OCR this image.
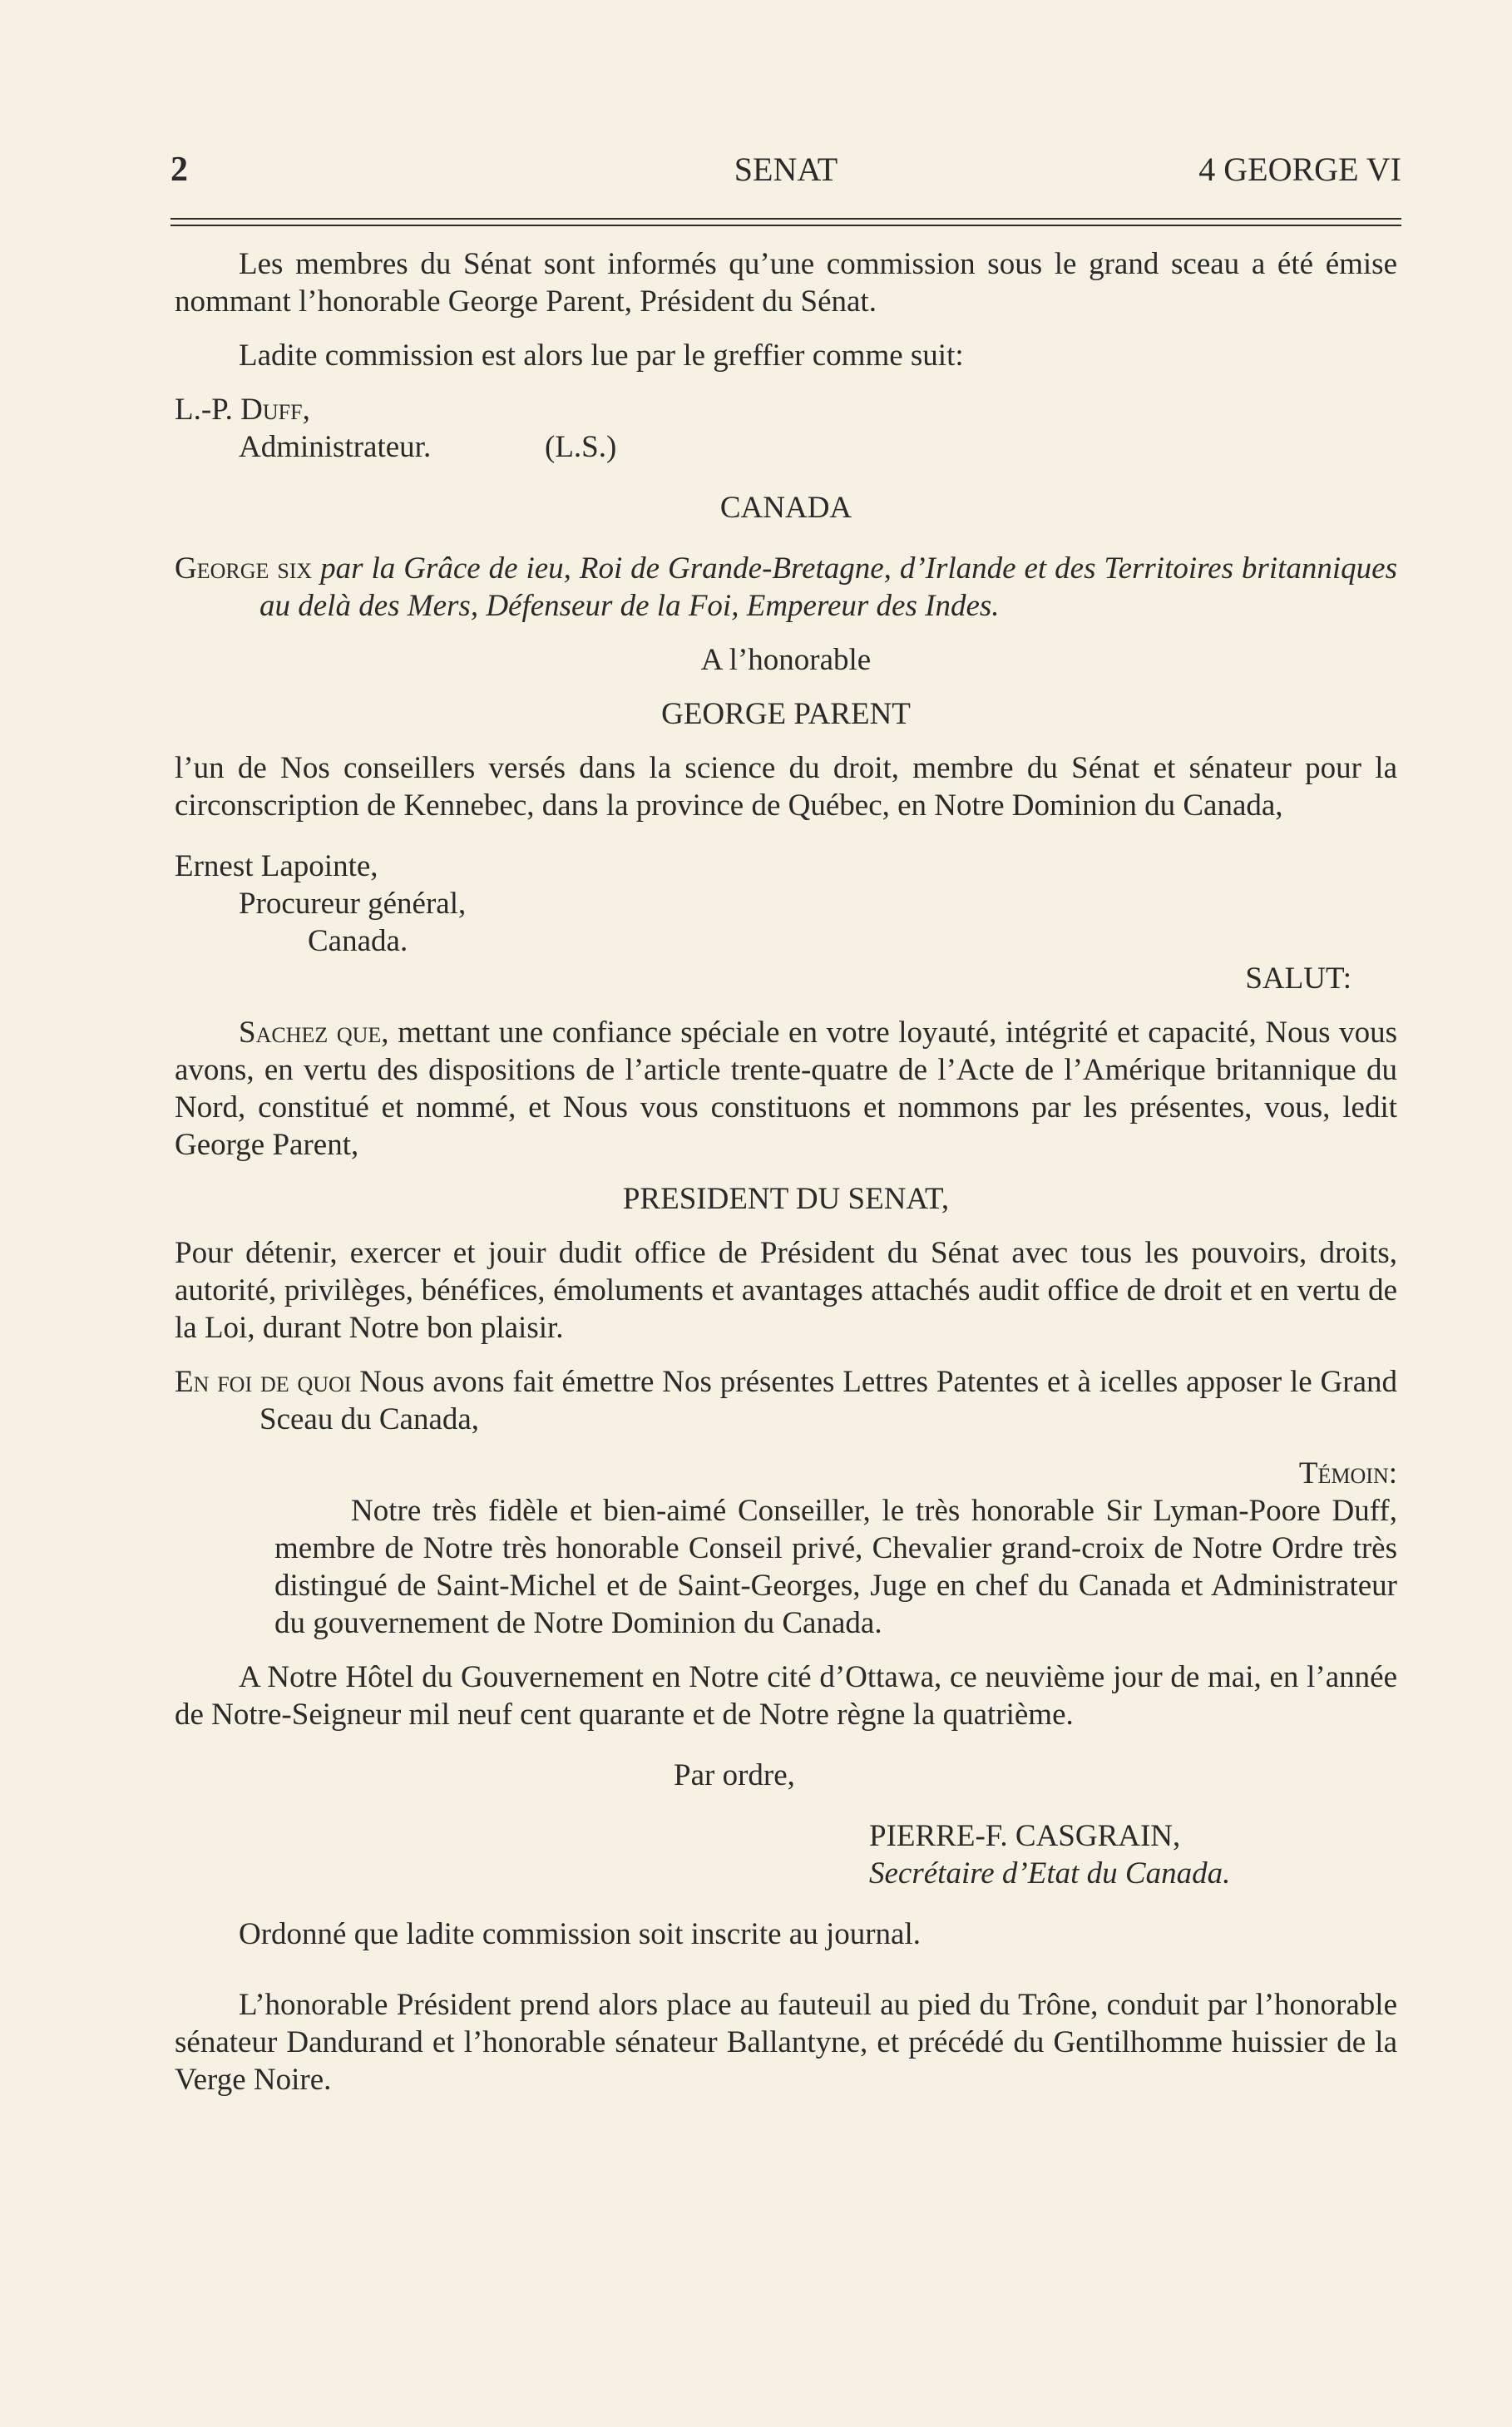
2	SENAT	4 GEORGE VI

Les membres du Sénat sont informés qu’une commission sous le grand sceau a été émise nommant l’honorable George Parent, Président du Sénat.

Ladite commission est alors lue par le greffier comme suit:

L.-P. Duff,

Administrateur.	(L.S.)

CANADA

George six par la Grâce de ieu, Roi de Grande-Bretagne, d’Irlande et des Territoires britanniques au delà des Mers, Défenseur de la Foi, Empereur des Indes.

A l’honorable

GEORGE PARENT

l’un de Nos conseillers versés dans la science du droit, membre du Sénat et sénateur pour la circonscription de Kennebec, dans la province de Québec, en Notre Dominion du Canada,

Ernest Lapointe,

Procureur général,

Canada.

SALUT:

Sachez que, mettant une confiance spéciale en votre loyauté, intégrité et capacité, Nous vous avons, en vertu des dispositions de l’article trente-quatre de l’Acte de l’Amérique britannique du Nord, constitué et nommé, et Nous vous constituons et nommons par les présentes, vous, ledit George Parent,

PRESIDENT DU SENAT,

Pour détenir, exercer et jouir dudit office de Président du Sénat avec tous les pouvoirs, droits, autorité, privilèges, bénéfices, émoluments et avantages attachés audit office de droit et en vertu de la Loi, durant Notre bon plaisir.

En foi de quoi Nous avons fait émettre Nos présentes Lettres Patentes et à icelles apposer le Grand Sceau du Canada,

Témoin:

Notre très fidèle et bien-aimé Conseiller, le très honorable Sir Lyman-Poore Duff, membre de Notre très honorable Conseil privé, Chevalier grand-croix de Notre Ordre très distingué de Saint-Michel et de Saint-Georges, Juge en chef du Canada et Administrateur du gouvernement de Notre Dominion du Canada.

A Notre Hôtel du Gouvernement en Notre cité d’Ottawa, ce neuvième jour de mai, en l’année de Notre-Seigneur mil neuf cent quarante et de Notre règne la quatrième.

Par ordre,

PIERRE-F. CASGRAIN,

Secrétaire d’Etat du Canada.

Ordonné que ladite commission soit inscrite au journal.

L’honorable Président prend alors place au fauteuil au pied du Trône, conduit par l’honorable sénateur Dandurand et l’honorable sénateur Ballantyne, et précédé du Gentilhomme huissier de la Verge Noire.
